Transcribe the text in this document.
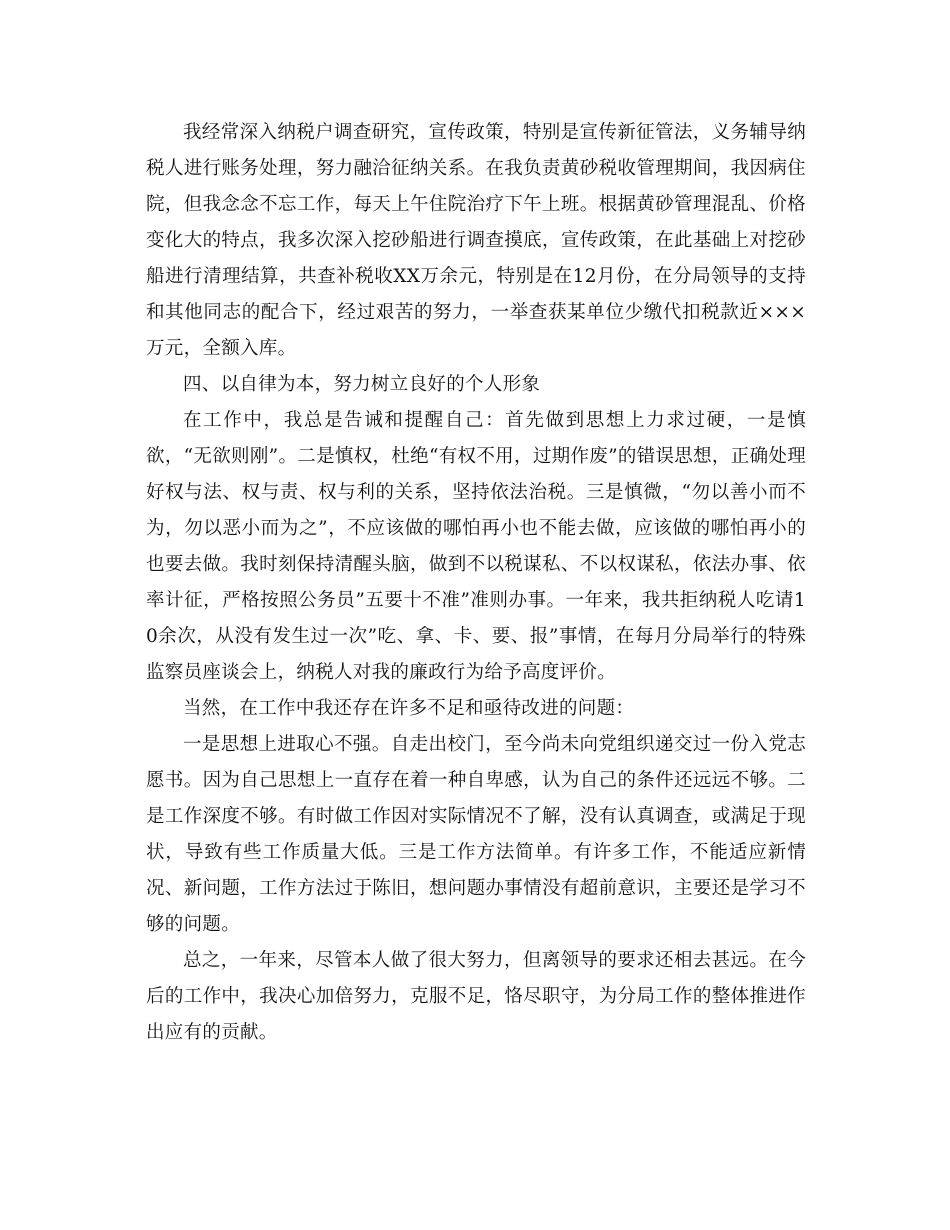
我经常深入纳税户调查研究，宣传政策，特别是宣传新征管法，义务辅导纳税人进行账务处理，努力融洽征纳关系。在我负责黄砂税收管理期间，我因病住院，但我念念不忘工作，每天上午住院治疗下午上班。根据黄砂管理混乱、价格变化大的特点，我多次深入挖砂船进行调查摸底，宣传政策，在此基础上对挖砂船进行清理结算，共查补税收XX万余元，特别是在12月份，在分局领导的支持和其他同志的配合下，经过艰苦的努力，一举查获某单位少缴代扣税款近×××万元，全额入库。

四、以自律为本，努力树立良好的个人形象

在工作中，我总是告诫和提醒自己：首先做到思想上力求过硬，一是慎欲，“无欲则刚”。二是慎权，杜绝“有权不用，过期作废”的错误思想，正确处理好权与法、权与责、权与利的关系，坚持依法治税。三是慎微，“勿以善小而不为，勿以恶小而为之”，不应该做的哪怕再小也不能去做，应该做的哪怕再小的也要去做。我时刻保持清醒头脑，做到不以税谋私、不以权谋私，依法办事、依率计征，严格按照公务员”五要十不准”准则办事。一年来，我共拒纳税人吃请10余次，从没有发生过一次”吃、拿、卡、要、报”事情，在每月分局举行的特殊监察员座谈会上，纳税人对我的廉政行为给予高度评价。

当然，在工作中我还存在许多不足和亟待改进的问题：

一是思想上进取心不强。自走出校门，至今尚未向党组织递交过一份入党志愿书。因为自己思想上一直存在着一种自卑感，认为自己的条件还远远不够。二是工作深度不够。有时做工作因对实际情况不了解，没有认真调查，或满足于现状，导致有些工作质量大低。三是工作方法简单。有许多工作，不能适应新情况、新问题，工作方法过于陈旧，想问题办事情没有超前意识，主要还是学习不够的问题。

总之，一年来，尽管本人做了很大努力，但离领导的要求还相去甚远。在今后的工作中，我决心加倍努力，克服不足，恪尽职守，为分局工作的整体推进作出应有的贡献。
